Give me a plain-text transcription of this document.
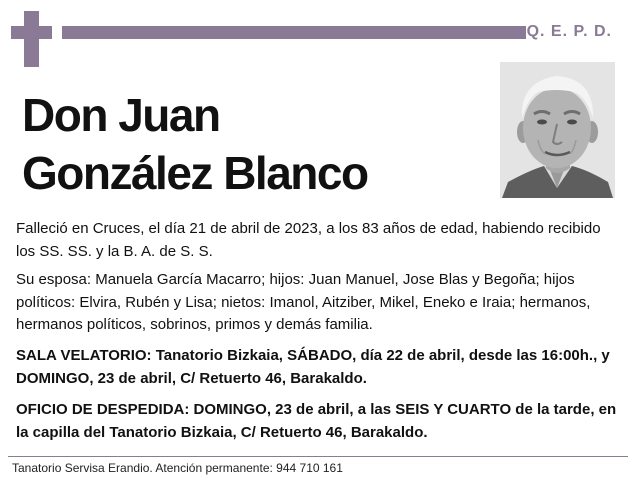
Q. E. P. D.
Don Juan
González Blanco
Falleció en Cruces, el día 21 de abril de 2023, a los 83 años de edad, habiendo recibido los SS. SS. y la B. A. de S. S.
Su esposa: Manuela García Macarro; hijos: Juan Manuel, Jose Blas y Begoña; hijos políticos: Elvira, Rubén y Lisa; nietos: Imanol, Aitziber, Mikel, Eneko e Iraia; hermanos, hermanos políticos, sobrinos, primos y demás familia.
SALA VELATORIO: Tanatorio Bizkaia, SÁBADO, día 22 de abril, desde las 16:00h., y DOMINGO, 23 de abril, C/ Retuerto 46, Barakaldo.
OFICIO DE DESPEDIDA: DOMINGO, 23 de abril, a las SEIS Y CUARTO de la tarde, en la capilla del Tanatorio Bizkaia, C/ Retuerto 46, Barakaldo.
Tanatorio Servisa Erandio. Atención permanente: 944 710 161
